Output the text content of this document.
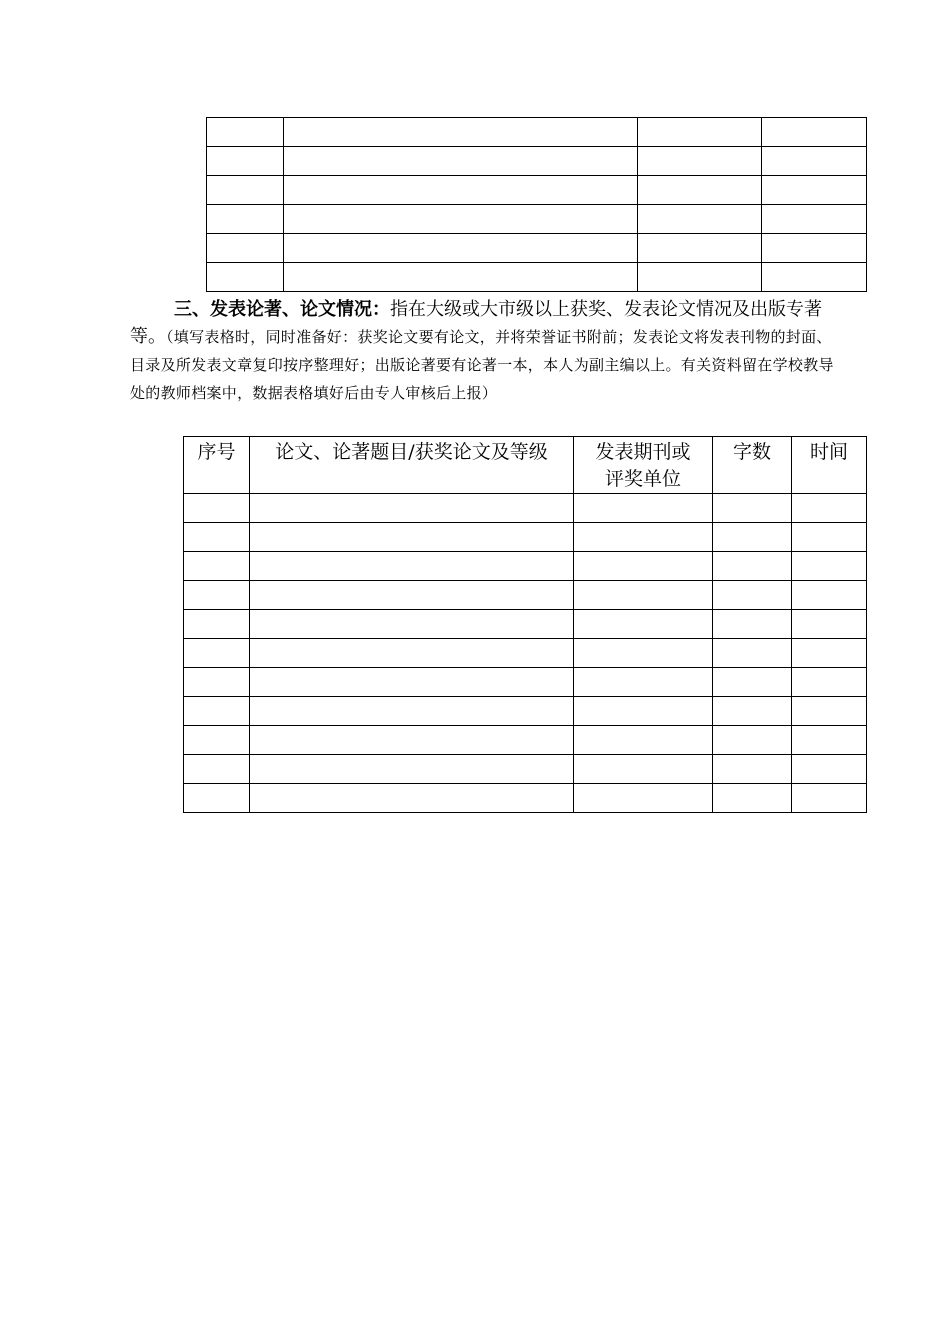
三、发表论著、论文情况：指在大级或大市级以上获奖、发表论文情况及出版专著等。（填写表格时，同时准备好：获奖论文要有论文，并将荣誉证书附前；发表论文将发表刊物的封面、目录及所发表文章复印按序整理好；出版论著要有论著一本，本人为副主编以上。有关资料留在学校教导处的教师档案中，数据表格填好后由专人审核后上报）
序号	论文、论著题目/获奖论文及等级	发表期刊或评奖单位	字数	时间
